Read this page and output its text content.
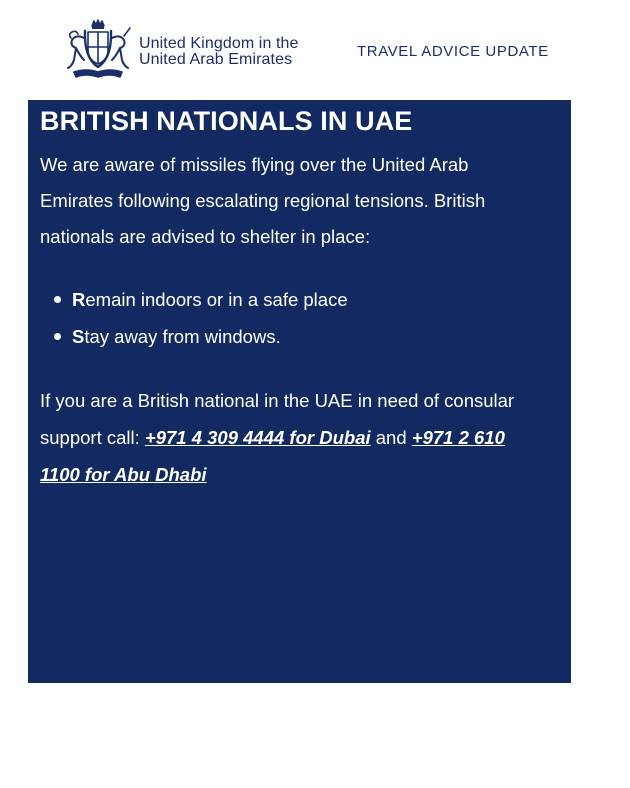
United Kingdom in the
United Arab Emirates	TRAVEL ADVICE UPDATE
BRITISH NATIONALS IN UAE

We are aware of missiles flying over the United Arab Emirates following escalating regional tensions. British nationals are advised to shelter in place:

Remain indoors or in a safe place
Stay away from windows.

If you are a British national in the UAE in need of consular support call: +971 4 309 4444 for Dubai and +971 2 610 1100 for Abu Dhabi
